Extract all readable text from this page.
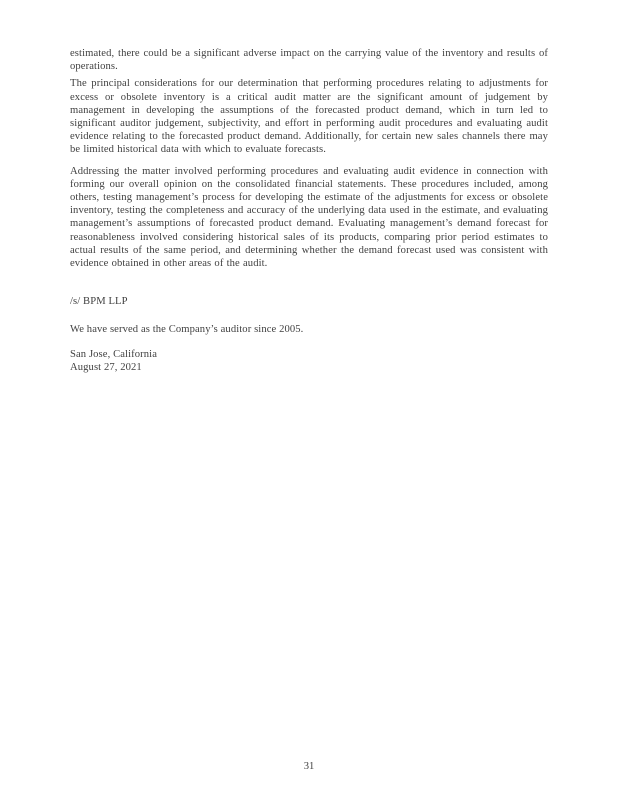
estimated, there could be a significant adverse impact on the carrying value of the inventory and results of operations.

The principal considerations for our determination that performing procedures relating to adjustments for excess or obsolete inventory is a critical audit matter are the significant amount of judgement by management in developing the assumptions of the forecasted product demand, which in turn led to significant auditor judgement, subjectivity, and effort in performing audit procedures and evaluating audit evidence relating to the forecasted product demand. Additionally, for certain new sales channels there may be limited historical data with which to evaluate forecasts.

Addressing the matter involved performing procedures and evaluating audit evidence in connection with forming our overall opinion on the consolidated financial statements. These procedures included, among others, testing management’s process for developing the estimate of the adjustments for excess or obsolete inventory, testing the completeness and accuracy of the underlying data used in the estimate, and evaluating management’s assumptions of forecasted product demand. Evaluating management’s demand forecast for reasonableness involved considering historical sales of its products, comparing prior period estimates to actual results of the same period, and determining whether the demand forecast used was consistent with evidence obtained in other areas of the audit.

/s/ BPM LLP

We have served as the Company’s auditor since 2005.

San Jose, California

August 27, 2021

31
